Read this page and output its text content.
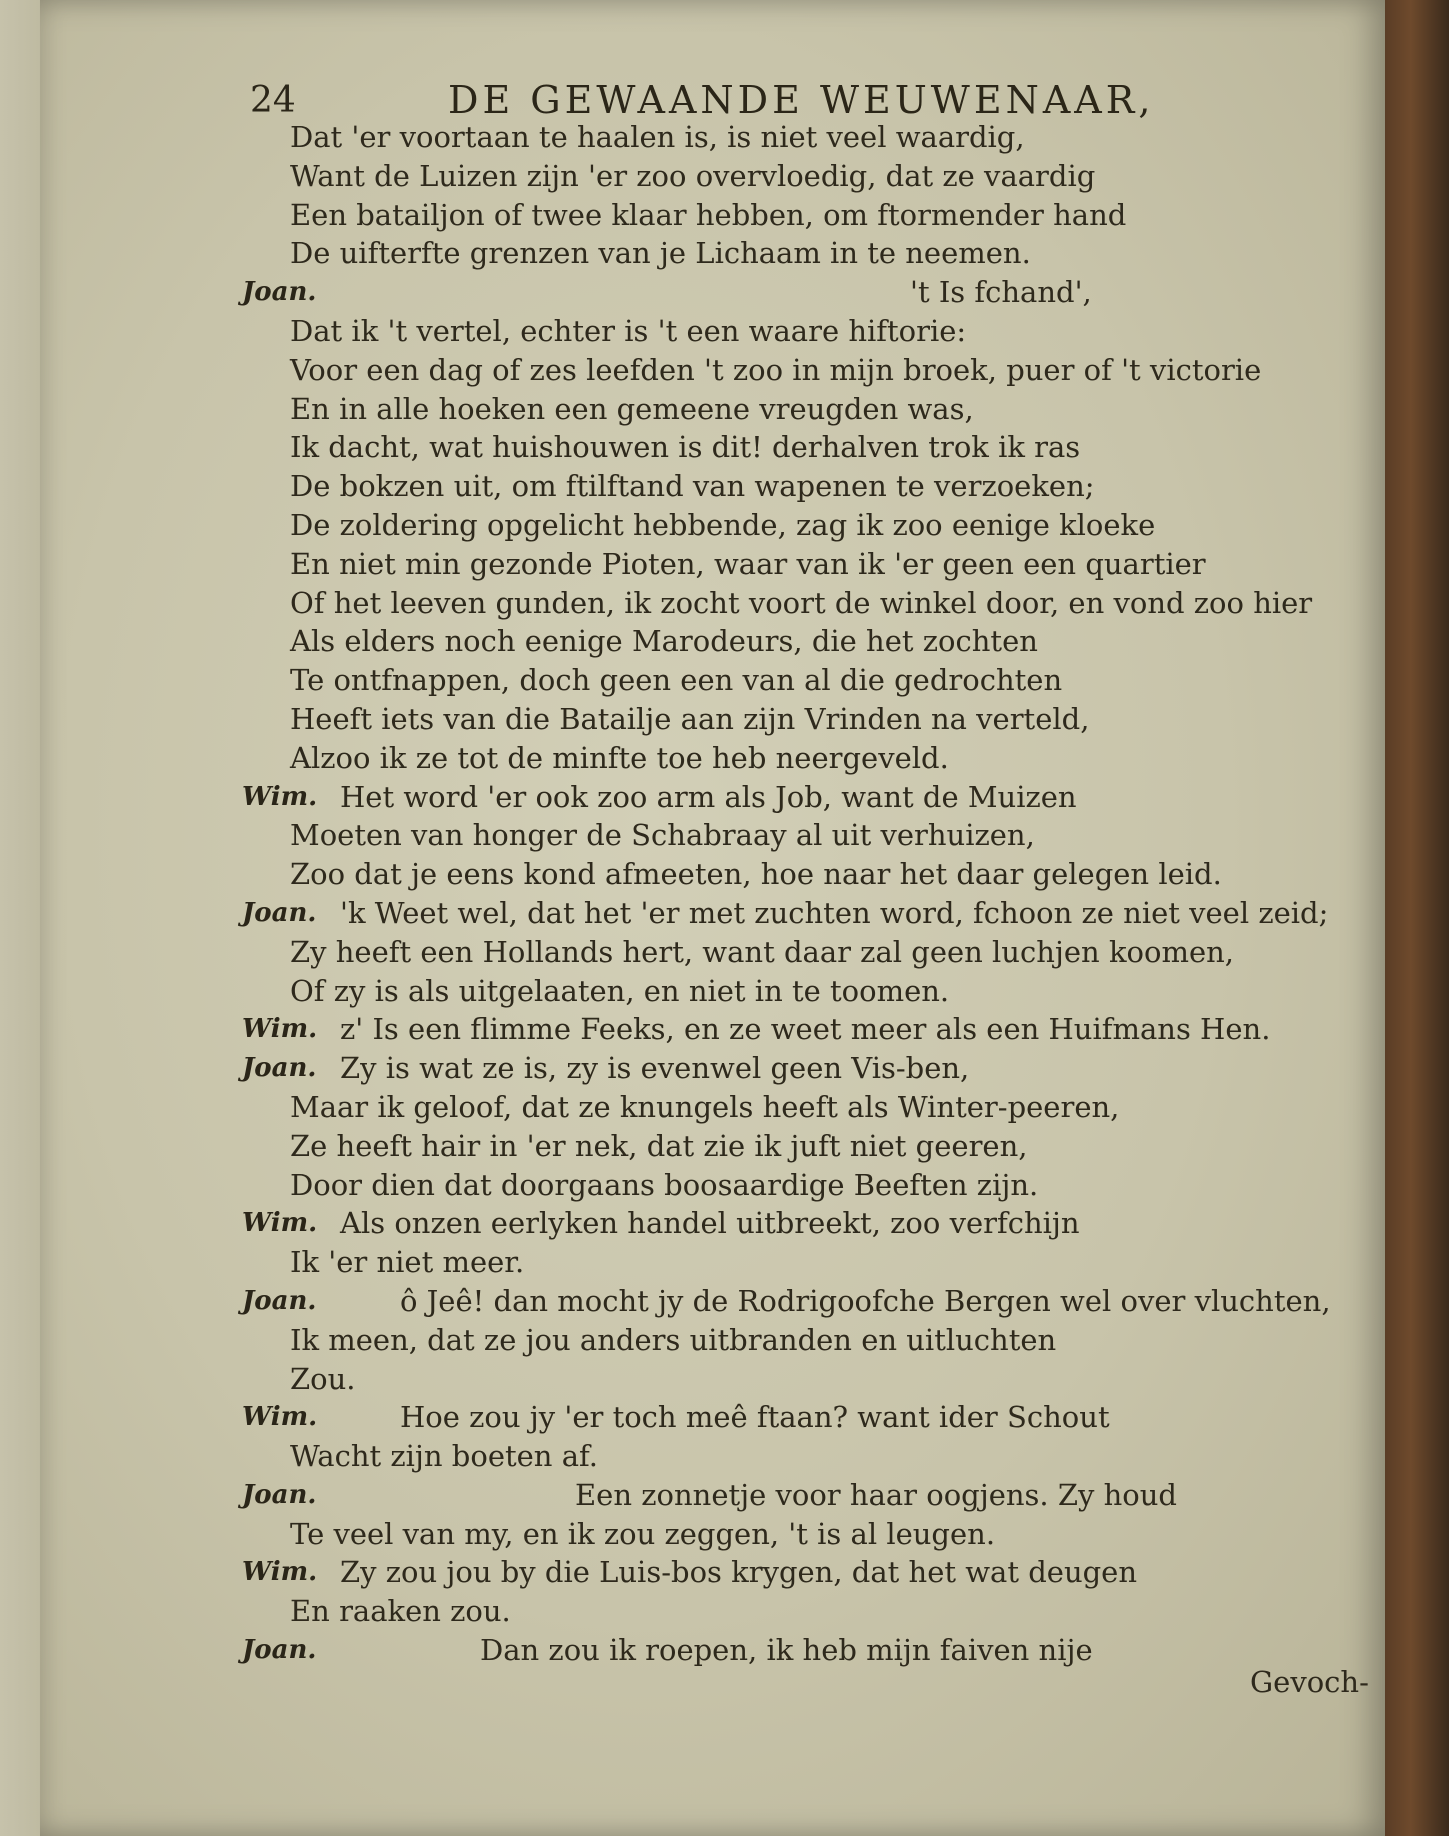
24	DE GEWAANDE WEUWENAAR,
Dat 'er voortaan te haalen is, is niet veel waardig,
Want de Luizen zijn 'er zoo overvloedig, dat ze vaardig
Een batailjon of twee klaar hebben, om ftormender hand
De uifterfte grenzen van je Lichaam in te neemen.
Joan.	't Is fchand',
Dat ik 't vertel, echter is 't een waare hiftorie:
Voor een dag of zes leefden 't zoo in mijn broek, puer of 't victorie
En in alle hoeken een gemeene vreugden was,
Ik dacht, wat huishouwen is dit! derhalven trok ik ras
De bokzen uit, om ftilftand van wapenen te verzoeken;
De zoldering opgelicht hebbende, zag ik zoo eenige kloeke
En niet min gezonde Pioten, waar van ik 'er geen een quartier
Of het leeven gunden, ik zocht voort de winkel door, en vond zoo hier
Als elders noch eenige Marodeurs, die het zochten
Te ontfnappen, doch geen een van al die gedrochten
Heeft iets van die Batailje aan zijn Vrinden na verteld,
Alzoo ik ze tot de minfte toe heb neergeveld.
Wim. Het word 'er ook zoo arm als Job, want de Muizen
Moeten van honger de Schabraay al uit verhuizen,
Zoo dat je eens kond afmeeten, hoe naar het daar gelegen leid.
Joan. 'k Weet wel, dat het 'er met zuchten word, fchoon ze niet veel zeid;
Zy heeft een Hollands hert, want daar zal geen luchjen koomen,
Of zy is als uitgelaaten, en niet in te toomen.
Wim. z' Is een flimme Feeks, en ze weet meer als een Huifmans Hen.
Joan. Zy is wat ze is, zy is evenwel geen Vis-ben,
Maar ik geloof, dat ze knungels heeft als Winter-peeren,
Ze heeft hair in 'er nek, dat zie ik juft niet geeren,
Door dien dat doorgaans boosaardige Beeften zijn.
Wim. Als onzen eerlyken handel uitbreekt, zoo verfchijn
Ik 'er niet meer.
Joan.	ô Jeê! dan mocht jy de Rodrigoofche Bergen wel over vluchten,
Ik meen, dat ze jou anders uitbranden en uitluchten
Zou.
Wim.	Hoe zou jy 'er toch meê ftaan? want ider Schout
Wacht zijn boeten af.
Joan.	Een zonnetje voor haar oogjens. Zy houd
Te veel van my, en ik zou zeggen, 't is al leugen.
Wim. Zy zou jou by die Luis-bos krygen, dat het wat deugen
En raaken zou.
Joan.	Dan zou ik roepen, ik heb mijn faiven nije
Gevoch-
